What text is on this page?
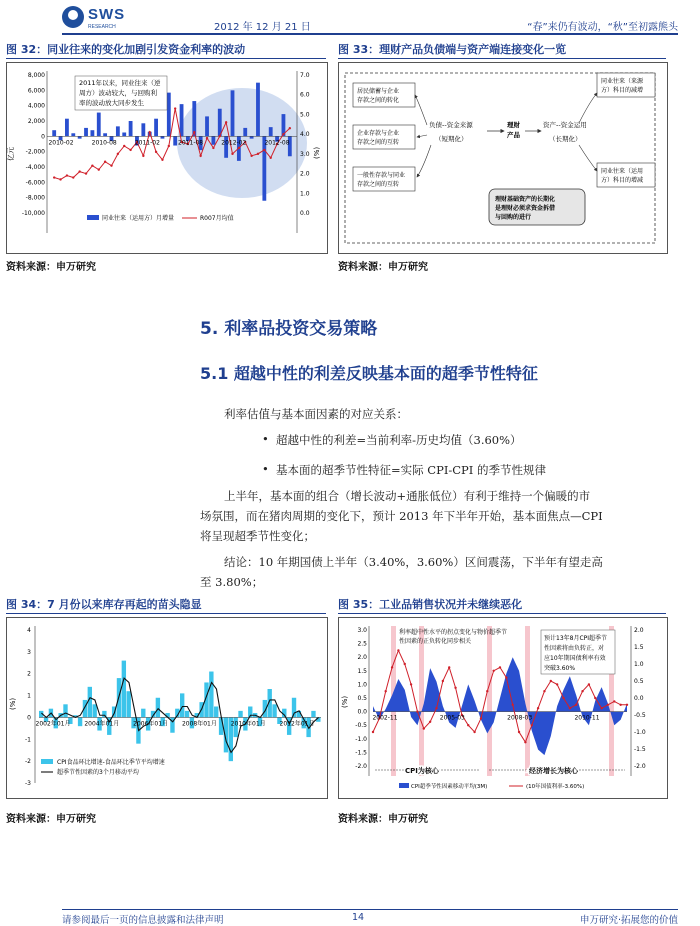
SWS
RESEARCH	2012 年 12 月 21 日	“春”来仍有波动，“秋”至初露熊头
图 32：同业往来的变化加剧引发资金利率的波动
8,000
6,000
4,000
2,000
0
-2,000
-4,000
-6,000
-8,000
-10,000
7.0
6.0
5.0
4.0
3.0
2.0
1.0
0.0
2010-02	2010-08	2011-02	2011-08	2012-02	2012-08
亿元	(%)
2011年以来，同业往来（逆
周方）波动较大，与回购利
率的波动放大同步发生
同业往来（运用方）月增量	R007月均值
资料来源：申万研究
图 33：理财产品负债端与资产端连接变化一览
居民储蓄与企业
存款之间的转化
企业存款与企业
存款之间的互转
一般性存款与同业
存款之间的互转
负债--资金来源
（短期化）
理财
产品
资产--资金运用
（长期化）
同业往来（来源
方）科目的减增
同业往来（运用
方）科目的增减
理财基础资产的长期化
是理财必须求资金拆借
与回购的进行
资料来源：申万研究
5. 利率品投资交易策略
5.1 超越中性的利差反映基本面的超季节性特征
利率估值与基本面因素的对应关系：
• 超越中性的利差=当前利率-历史均值（3.60%）
• 基本面的超季节性特征=实际 CPI-CPI 的季节性规律
上半年，基本面的组合（增长波动+通胀低位）有利于维持一个偏暖的市
场氛围，而在猪肉周期的变化下，预计 2013 年下半年开始，基本面焦点—CPI
将呈现超季节性变化；
结论：10 年期国债上半年（3.40%，3.60%）区间震荡，下半年有望走高
至 3.80%；
图 34：7 月份以来库存再起的苗头隐显
4
3
2
1
0
-1
-2
-3
2002年01月 2004年01月 2006年01月 2008年01月 2010年01月 2012年01月
(%)
CPI食品环比增速-食品环比季节平均增速
超季节性因素的3个月移动平均
资料来源：申万研究
图 35：工业品销售状况并未继续恶化
3.0
2.5
2.0
1.5
1.0
0.5
0.0
-0.5
-1.0
-1.5
-2.0
2.0
1.5
1.0
0.5
0.0
-0.5
-1.0
-1.5
-2.0
2002-11	2005-03	2008-03	2010-11
(%)
利率超中性水平的拐点变化与物价超季节
性因素的正负转化同步相关	预计13年8月CPI超季节
性因素将由负转正，对
应10年期国债利率有效
突破3.60%
CPI为核心	经济增长为核心
CPI超季节性因素移动平均(3M)	(10年国债利率-3.60%)
资料来源：申万研究
请参阅最后一页的信息披露和法律声明	14	申万研究·拓展您的价值
